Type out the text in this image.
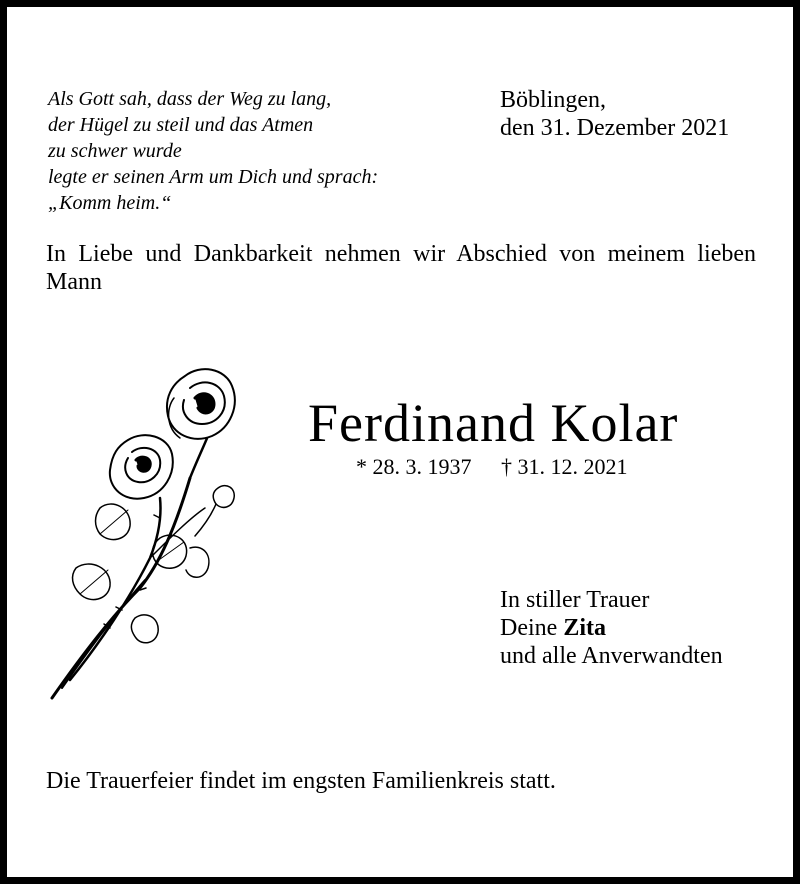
Als Gott sah, dass der Weg zu lang,
der Hügel zu steil und das Atmen
zu schwer wurde
legte er seinen Arm um Dich und sprach:
„Komm heim.“
Böblingen,
den 31. Dezember 2021
In Liebe und Dankbarkeit nehmen wir Abschied von meinem lieben Mann
Ferdinand Kolar
* 28. 3. 1937 † 31. 12. 2021
In stiller Trauer
Deine Zita
und alle Anverwandten
Die Trauerfeier findet im engsten Familienkreis statt.
